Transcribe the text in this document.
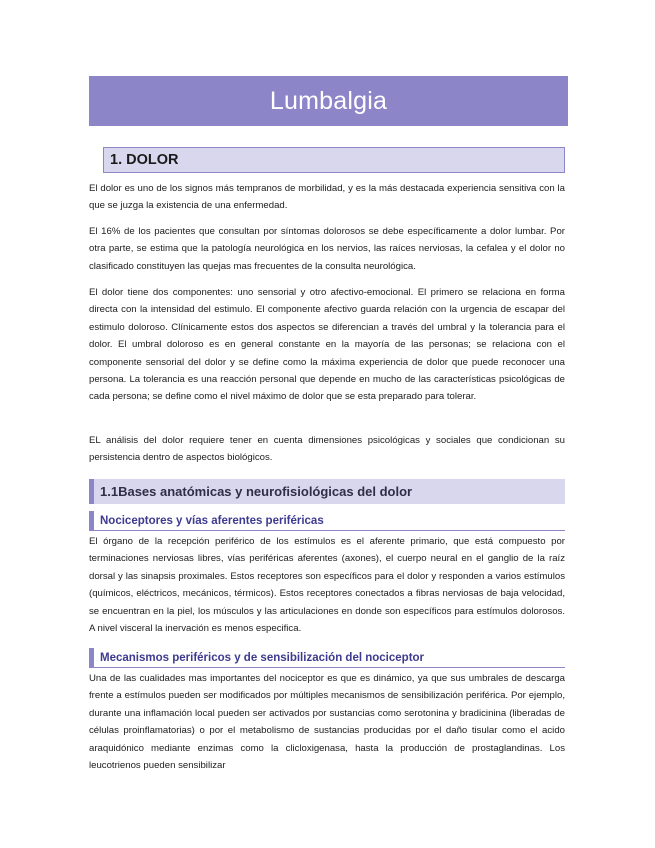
Lumbalgia
1. DOLOR

El dolor es uno de los signos más tempranos de morbilidad, y es la más destacada experiencia sensitiva con la que se juzga la existencia de una enfermedad.

El 16% de los pacientes que consultan por síntomas dolorosos se debe específicamente a dolor lumbar. Por otra parte, se estima que la patología neurológica en los nervios, las raíces nerviosas, la cefalea y el dolor no clasificado constituyen las quejas mas frecuentes de la consulta neurológica.

El dolor tiene dos componentes: uno sensorial y otro afectivo-emocional. El primero se relaciona en forma directa con la intensidad del estimulo. El componente afectivo guarda relación con la urgencia de escapar del estimulo doloroso. Clínicamente estos dos aspectos se diferencian a través del umbral y la tolerancia para el dolor. El umbral doloroso es en general constante en la mayoría de las personas; se relaciona con el componente sensorial del dolor y se define como la máxima experiencia de dolor que puede reconocer una persona. La tolerancia es una reacción personal que depende en mucho de las características psicológicas de cada persona; se define como el nivel máximo de dolor que se esta preparado para tolerar.

EL análisis del dolor requiere tener en cuenta dimensiones psicológicas y sociales que condicionan su persistencia dentro de aspectos biológicos.

1.1Bases anatómicas y neurofisiológicas del dolor
Nociceptores y vías aferentes periféricas

El órgano de la recepción periférico de los estímulos es el aferente primario, que está compuesto por terminaciones nerviosas libres, vías periféricas aferentes (axones), el cuerpo neural en el ganglio de la raíz dorsal y las sinapsis proximales. Estos receptores son específicos para el dolor y responden a varios estímulos (químicos, eléctricos, mecánicos, térmicos). Estos receptores conectados a fibras nerviosas de baja velocidad, se encuentran en la piel, los músculos y las articulaciones en donde son específicos para estímulos dolorosos. A nivel visceral la inervación es menos especifica.

Mecanismos periféricos y de sensibilización del nociceptor

Una de las cualidades mas importantes del nociceptor es que es dinámico, ya que sus umbrales de descarga frente a estímulos pueden ser modificados por múltiples mecanismos de sensibilización periférica. Por ejemplo, durante una inflamación local pueden ser activados por sustancias como serotonina y bradicinina (liberadas de células proinflamatorias) o por el metabolismo de sustancias producidas por el daño tisular como el acido araquidónico mediante enzimas como la clicloxigenasa, hasta la producción de prostaglandinas. Los leucotrienos pueden sensibilizar
